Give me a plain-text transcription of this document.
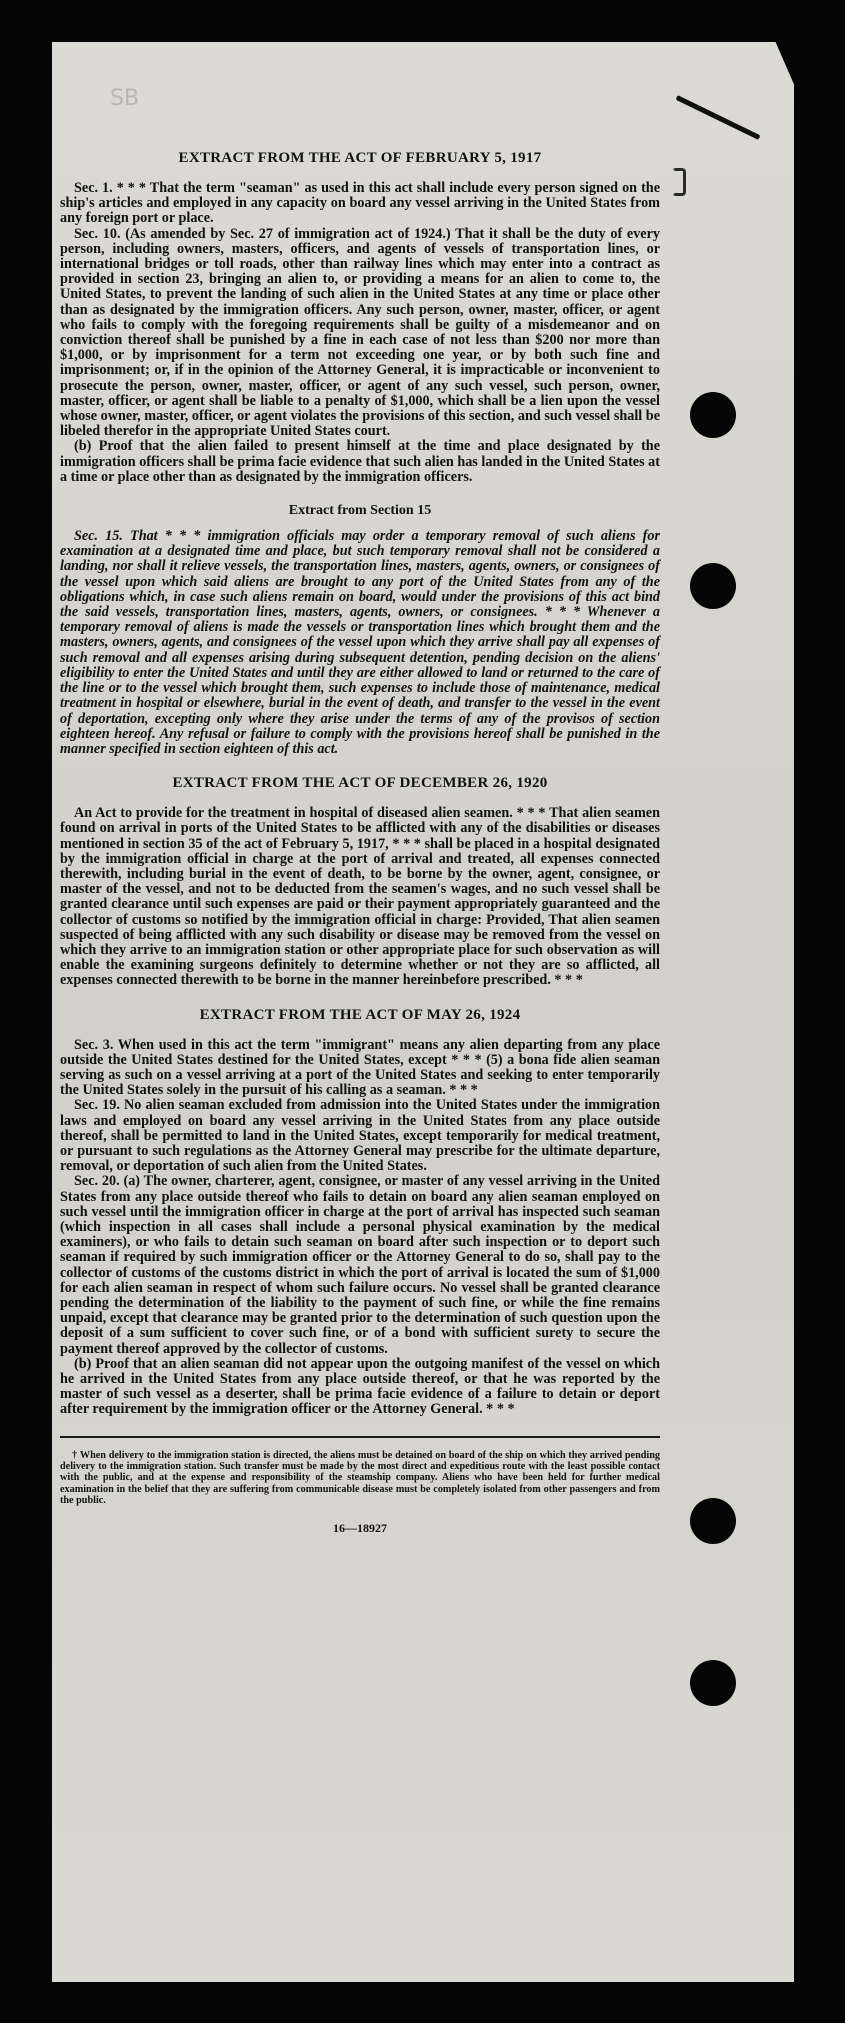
SB
EXTRACT FROM THE ACT OF FEBRUARY 5, 1917

Sec. 1. * * * That the term "seaman" as used in this act shall include every person signed on the ship's articles and employed in any capacity on board any vessel arriving in the United States from any foreign port or place.

Sec. 10. (As amended by Sec. 27 of immigration act of 1924.) That it shall be the duty of every person, including owners, masters, officers, and agents of vessels of transportation lines, or international bridges or toll roads, other than railway lines which may enter into a contract as provided in section 23, bringing an alien to, or providing a means for an alien to come to, the United States, to prevent the landing of such alien in the United States at any time or place other than as designated by the immigration officers. Any such person, owner, master, officer, or agent who fails to comply with the foregoing requirements shall be guilty of a misdemeanor and on conviction thereof shall be punished by a fine in each case of not less than $200 nor more than $1,000, or by imprisonment for a term not exceeding one year, or by both such fine and imprisonment; or, if in the opinion of the Attorney General, it is impracticable or inconvenient to prosecute the person, owner, master, officer, or agent of any such vessel, such person, owner, master, officer, or agent shall be liable to a penalty of $1,000, which shall be a lien upon the vessel whose owner, master, officer, or agent violates the provisions of this section, and such vessel shall be libeled therefor in the appropriate United States court.

(b) Proof that the alien failed to present himself at the time and place designated by the immigration officers shall be prima facie evidence that such alien has landed in the United States at a time or place other than as designated by the immigration officers.

Extract from Section 15

Sec. 15. That * * * immigration officials may order a temporary removal of such aliens for examination at a designated time and place, but such temporary removal shall not be considered a landing, nor shall it relieve vessels, the transportation lines, masters, agents, owners, or consignees of the vessel upon which said aliens are brought to any port of the United States from any of the obligations which, in case such aliens remain on board, would under the provisions of this act bind the said vessels, transportation lines, masters, agents, owners, or consignees. * * * Whenever a temporary removal of aliens is made the vessels or transportation lines which brought them and the masters, owners, agents, and consignees of the vessel upon which they arrive shall pay all expenses of such removal and all expenses arising during subsequent detention, pending decision on the aliens' eligibility to enter the United States and until they are either allowed to land or returned to the care of the line or to the vessel which brought them, such expenses to include those of maintenance, medical treatment in hospital or elsewhere, burial in the event of death, and transfer to the vessel in the event of deportation, excepting only where they arise under the terms of any of the provisos of section eighteen hereof. Any refusal or failure to comply with the provisions hereof shall be punished in the manner specified in section eighteen of this act.

EXTRACT FROM THE ACT OF DECEMBER 26, 1920

An Act to provide for the treatment in hospital of diseased alien seamen. * * * That alien seamen found on arrival in ports of the United States to be afflicted with any of the disabilities or diseases mentioned in section 35 of the act of February 5, 1917, * * * shall be placed in a hospital designated by the immigration official in charge at the port of arrival and treated, all expenses connected therewith, including burial in the event of death, to be borne by the owner, agent, consignee, or master of the vessel, and not to be deducted from the seamen's wages, and no such vessel shall be granted clearance until such expenses are paid or their payment appropriately guaranteed and the collector of customs so notified by the immigration official in charge: Provided, That alien seamen suspected of being afflicted with any such disability or disease may be removed from the vessel on which they arrive to an immigration station or other appropriate place for such observation as will enable the examining surgeons definitely to determine whether or not they are so afflicted, all expenses connected therewith to be borne in the manner hereinbefore prescribed. * * *

EXTRACT FROM THE ACT OF MAY 26, 1924

Sec. 3. When used in this act the term "immigrant" means any alien departing from any place outside the United States destined for the United States, except * * * (5) a bona fide alien seaman serving as such on a vessel arriving at a port of the United States and seeking to enter temporarily the United States solely in the pursuit of his calling as a seaman. * * *

Sec. 19. No alien seaman excluded from admission into the United States under the immigration laws and employed on board any vessel arriving in the United States from any place outside thereof, shall be permitted to land in the United States, except temporarily for medical treatment, or pursuant to such regulations as the Attorney General may prescribe for the ultimate departure, removal, or deportation of such alien from the United States.

Sec. 20. (a) The owner, charterer, agent, consignee, or master of any vessel arriving in the United States from any place outside thereof who fails to detain on board any alien seaman employed on such vessel until the immigration officer in charge at the port of arrival has inspected such seaman (which inspection in all cases shall include a personal physical examination by the medical examiners), or who fails to detain such seaman on board after such inspection or to deport such seaman if required by such immigration officer or the Attorney General to do so, shall pay to the collector of customs of the customs district in which the port of arrival is located the sum of $1,000 for each alien seaman in respect of whom such failure occurs. No vessel shall be granted clearance pending the determination of the liability to the payment of such fine, or while the fine remains unpaid, except that clearance may be granted prior to the determination of such question upon the deposit of a sum sufficient to cover such fine, or of a bond with sufficient surety to secure the payment thereof approved by the collector of customs.

(b) Proof that an alien seaman did not appear upon the outgoing manifest of the vessel on which he arrived in the United States from any place outside thereof, or that he was reported by the master of such vessel as a deserter, shall be prima facie evidence of a failure to detain or deport after requirement by the immigration officer or the Attorney General. * * *

† When delivery to the immigration station is directed, the aliens must be detained on board of the ship on which they arrived pending delivery to the immigration station. Such transfer must be made by the most direct and expeditious route with the least possible contact with the public, and at the expense and responsibility of the steamship company. Aliens who have been held for further medical examination in the belief that they are suffering from communicable disease must be completely isolated from other passengers and from the public.

16—18927
